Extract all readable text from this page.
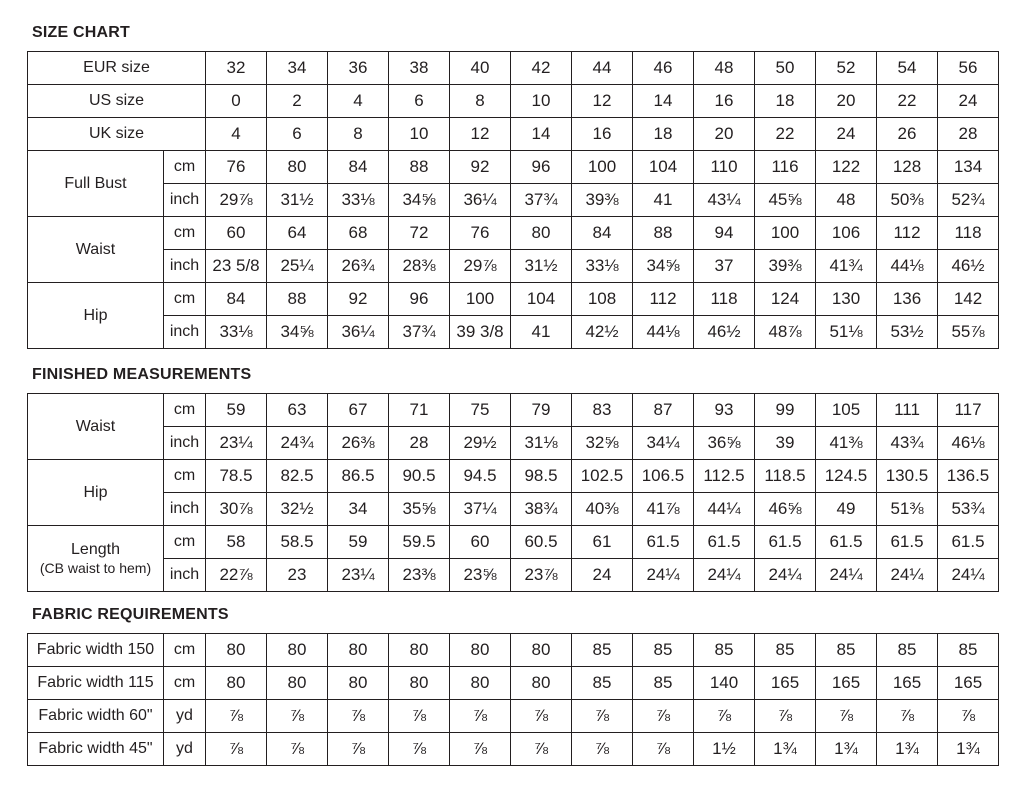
SIZE CHART
EUR size		32	34	36	38	40	42	44	46	48	50	52	54	56
US size		0	2	4	6	8	10	12	14	16	18	20	22	24
UK size		4	6	8	10	12	14	16	18	20	22	24	26	28
Full Bust	cm	76	80	84	88	92	96	100	104	110	116	122	128	134
	inch	29⅞	31½	33⅛	34⅝	36¼	37¾	39⅜	41	43¼	45⅝	48	50⅜	52¾
Waist	cm	60	64	68	72	76	80	84	88	94	100	106	112	118
	inch	23 5/8	25¼	26¾	28⅜	29⅞	31½	33⅛	34⅝	37	39⅜	41¾	44⅛	46½
Hip	cm	84	88	92	96	100	104	108	112	118	124	130	136	142
	inch	33⅛	34⅝	36¼	37¾	39 3/8	41	42½	44⅛	46½	48⅞	51⅛	53½	55⅞
FINISHED MEASUREMENTS
Waist	cm	59	63	67	71	75	79	83	87	93	99	105	111	117
	inch	23¼	24¾	26⅜	28	29½	31⅛	32⅝	34¼	36⅝	39	41⅜	43¾	46⅛
Hip	cm	78.5	82.5	86.5	90.5	94.5	98.5	102.5	106.5	112.5	118.5	124.5	130.5	136.5
	inch	30⅞	32½	34	35⅝	37¼	38¾	40⅜	41⅞	44¼	46⅝	49	51⅜	53¾
Length
(CB waist to hem)	cm	58	58.5	59	59.5	60	60.5	61	61.5	61.5	61.5	61.5	61.5	61.5
	inch	22⅞	23	23¼	23⅜	23⅝	23⅞	24	24¼	24¼	24¼	24¼	24¼	24¼
FABRIC REQUIREMENTS
Fabric width 150	cm	80	80	80	80	80	80	85	85	85	85	85	85	85
Fabric width 115	cm	80	80	80	80	80	80	85	85	140	165	165	165	165
Fabric width 60"	yd	⅞	⅞	⅞	⅞	⅞	⅞	⅞	⅞	⅞	⅞	⅞	⅞	⅞
Fabric width 45"	yd	⅞	⅞	⅞	⅞	⅞	⅞	⅞	⅞	1½	1¾	1¾	1¾	1¾
